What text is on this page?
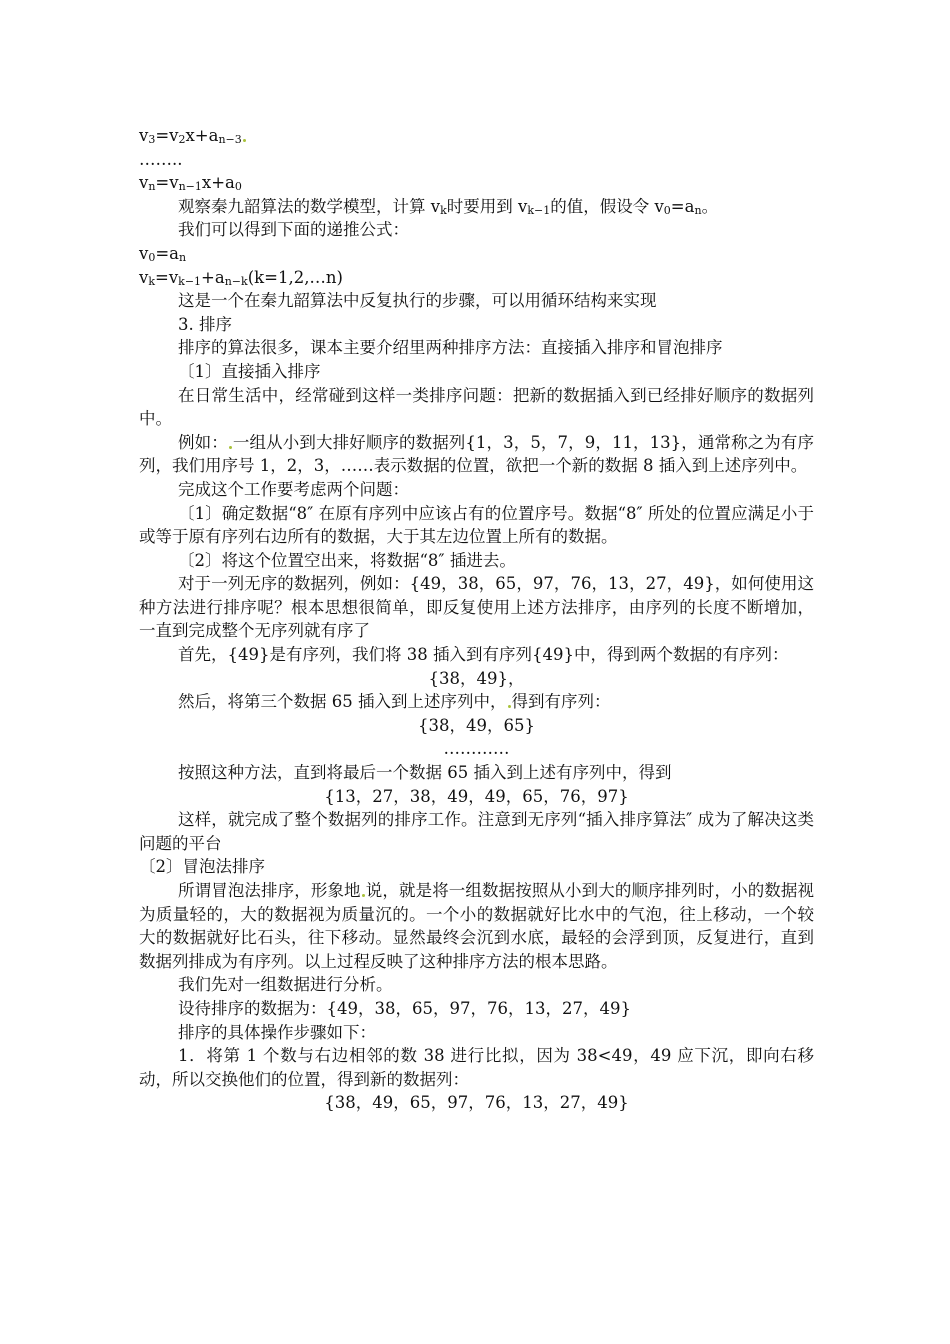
$v_3=v_2x+a_{n-3}$
……..
$v_n=v_{n-1}x+a_0$
观察秦九韶算法的数学模型，计算 $v_k$时要用到 $v_{k-1}$的值，假设令 $v_0=a_n$。
我们可以得到下面的递推公式：
$v_0=a_n$
$v_k=v_{k-1}+a_{n-k}(k=1,2,\dots n)$
这是一个在秦九韶算法中反复执行的步骤，可以用循环结构来实现
3. 排序
排序的算法很多，课本主要介绍里两种排序方法：直接插入排序和冒泡排序
〔1〕直接插入排序
在日常生活中，经常碰到这样一类排序问题：把新的数据插入到已经排好顺序的数据列中。
例如： 一组从小到大排好顺序的数据列{1，3，5，7，9，11，13}，通常称之为有序列，我们用序号 1，2，3，……表示数据的位置，欲把一个新的数据 8 插入到上述序列中。
完成这个工作要考虑两个问题：
〔1〕确定数据“8″ 在原有序列中应该占有的位置序号。数据“8″ 所处的位置应满足小于或等于原有序列右边所有的数据，大于其左边位置上所有的数据。
〔2〕将这个位置空出来，将数据“8″ 插进去。
对于一列无序的数据列，例如：{49，38，65，97，76，13，27，49}，如何使用这种方法进行排序呢？根本思想很简单，即反复使用上述方法排序，由序列的长度不断增加，一直到完成整个无序列就有序了
首先，{49}是有序列，我们将 38 插入到有序列{49}中，得到两个数据的有序列：
{38，49}，
然后，将第三个数据 65 插入到上述序列中， 得到有序列：
{38，49，65}
…………
按照这种方法，直到将最后一个数据 65 插入到上述有序列中，得到
{13，27，38，49，49，65，76，97}
这样，就完成了整个数据列的排序工作。注意到无序列“插入排序算法″ 成为了解决这类问题的平台
〔2〕冒泡法排序
所谓冒泡法排序，形象地 说，就是将一组数据按照从小到大的顺序排列时，小的数据视为质量轻的，大的数据视为质量沉的。一个小的数据就好比水中的气泡，往上移动，一个较大的数据就好比石头，往下移动。显然最终会沉到水底，最轻的会浮到顶，反复进行，直到数据列排成为有序列。以上过程反映了这种排序方法的根本思路。
我们先对一组数据进行分析。
设待排序的数据为：{49，38，65，97，76，13，27，49}
排序的具体操作步骤如下：
1．将第 1 个数与右边相邻的数 38 进行比拟，因为 38<49，49 应下沉，即向右移动，所以交换他们的位置，得到新的数据列：
{38，49，65，97，76，13，27，49}
